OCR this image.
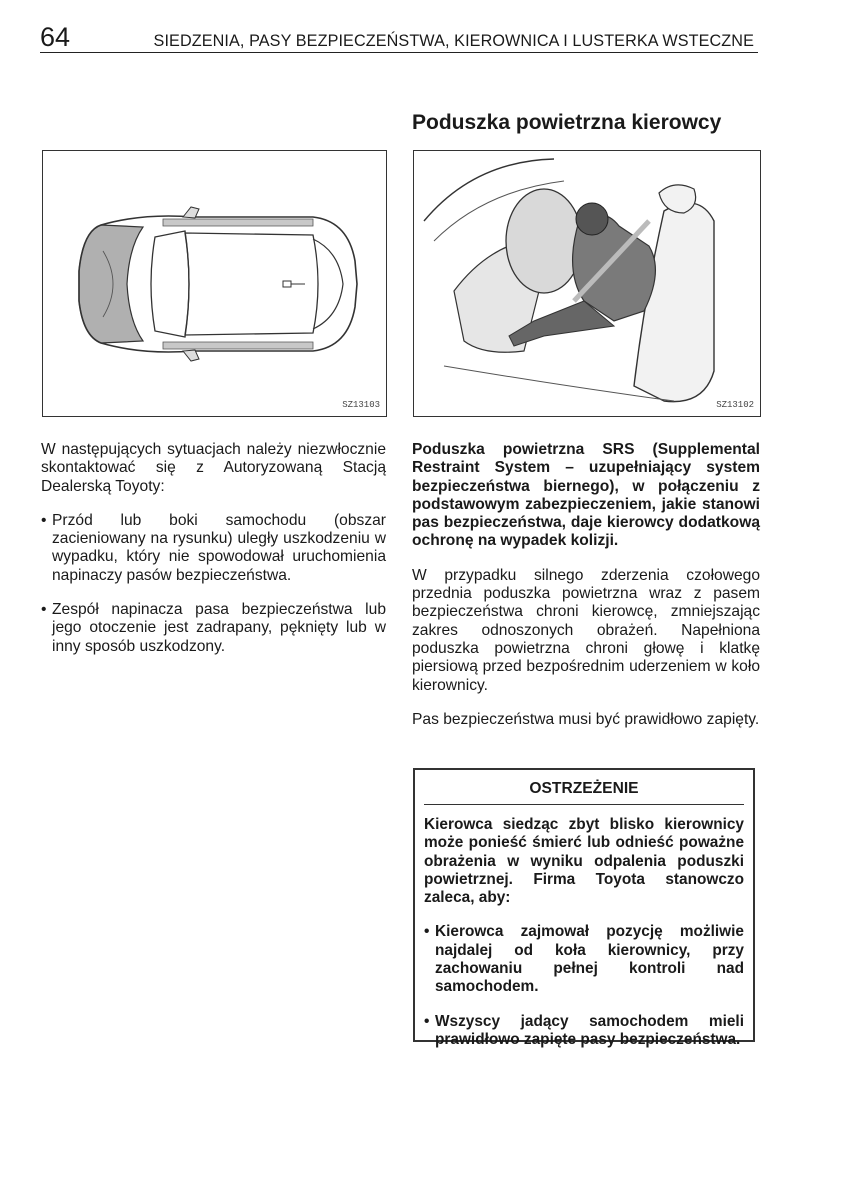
64	SIEDZENIA, PASY BEZPIECZEŃSTWA, KIEROWNICA I LUSTERKA WSTECZNE
Poduszka powietrzna kierowcy
SZ13103	SZ13102

W następujących sytuacjach należy niezwłocznie skontaktować się z Autoryzowaną Stacją Dealerską Toyoty:

• Przód lub boki samochodu (obszar zacieniowany na rysunku) uległy uszkodzeniu w wypadku, który nie spowodował uruchomienia napinaczy pasów bezpieczeństwa.
• Zespół napinacza pasa bezpieczeństwa lub jego otoczenie jest zadrapany, pęknięty lub w inny sposób uszkodzony.

Poduszka powietrzna SRS (Supplemental Restraint System – uzupełniający system bezpieczeństwa biernego), w połączeniu z podstawowym zabezpieczeniem, jakie stanowi pas bezpieczeństwa, daje kierowcy dodatkową ochronę na wypadek kolizji.

W przypadku silnego zderzenia czołowego przednia poduszka powietrzna wraz z pasem bezpieczeństwa chroni kierowcę, zmniejszając zakres odnoszonych obrażeń. Napełniona poduszka powietrzna chroni głowę i klatkę piersiową przed bezpośrednim uderzeniem w koło kierownicy.

Pas bezpieczeństwa musi być prawidłowo zapięty.

OSTRZEŻENIE

Kierowca siedząc zbyt blisko kierownicy może ponieść śmierć lub odnieść poważne obrażenia w wyniku odpalenia poduszki powietrznej. Firma Toyota stanowczo zaleca, aby:

• Kierowca zajmował pozycję możliwie najdalej od koła kierownicy, przy zachowaniu pełnej kontroli nad samochodem.
• Wszyscy jadący samochodem mieli prawidłowo zapięte pasy bezpieczeństwa.
